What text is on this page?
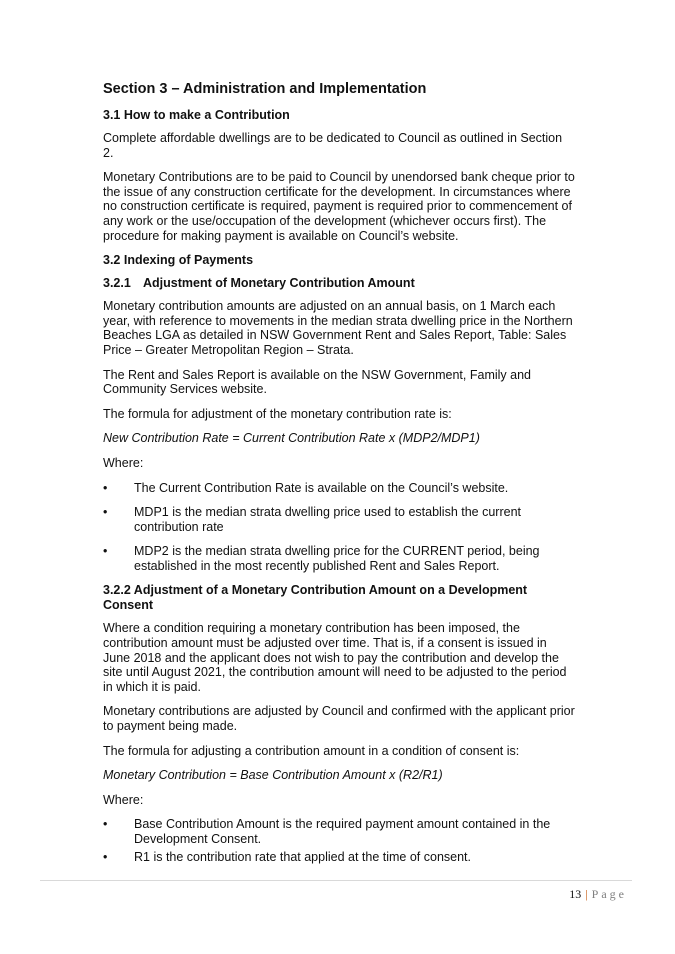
Section 3 – Administration and Implementation
3.1 How to make a Contribution

Complete affordable dwellings are to be dedicated to Council as outlined in Section 2.

Monetary Contributions are to be paid to Council by unendorsed bank cheque prior to the issue of any construction certificate for the development. In circumstances where no construction certificate is required, payment is required prior to commencement of any work or the use/occupation of the development (whichever occurs first). The procedure for making payment is available on Council’s website.

3.2 Indexing of Payments
3.2.1 Adjustment of Monetary Contribution Amount

Monetary contribution amounts are adjusted on an annual basis, on 1 March each year, with reference to movements in the median strata dwelling price in the Northern Beaches LGA as detailed in NSW Government Rent and Sales Report, Table: Sales Price – Greater Metropolitan Region – Strata.

The Rent and Sales Report is available on the NSW Government, Family and Community Services website.

The formula for adjustment of the monetary contribution rate is:

New Contribution Rate = Current Contribution Rate x (MDP2/MDP1)

Where:

• The Current Contribution Rate is available on the Council’s website.
• MDP1 is the median strata dwelling price used to establish the current contribution rate
• MDP2 is the median strata dwelling price for the CURRENT period, being established in the most recently published Rent and Sales Report.
3.2.2 Adjustment of a Monetary Contribution Amount on a Development Consent

Where a condition requiring a monetary contribution has been imposed, the contribution amount must be adjusted over time. That is, if a consent is issued in June 2018 and the applicant does not wish to pay the contribution and develop the site until August 2021, the contribution amount will need to be adjusted to the period in which it is paid.

Monetary contributions are adjusted by Council and confirmed with the applicant prior to payment being made.

The formula for adjusting a contribution amount in a condition of consent is:

Monetary Contribution = Base Contribution Amount x (R2/R1)

Where:

• Base Contribution Amount is the required payment amount contained in the Development Consent.
• R1 is the contribution rate that applied at the time of consent.
13 | Page
